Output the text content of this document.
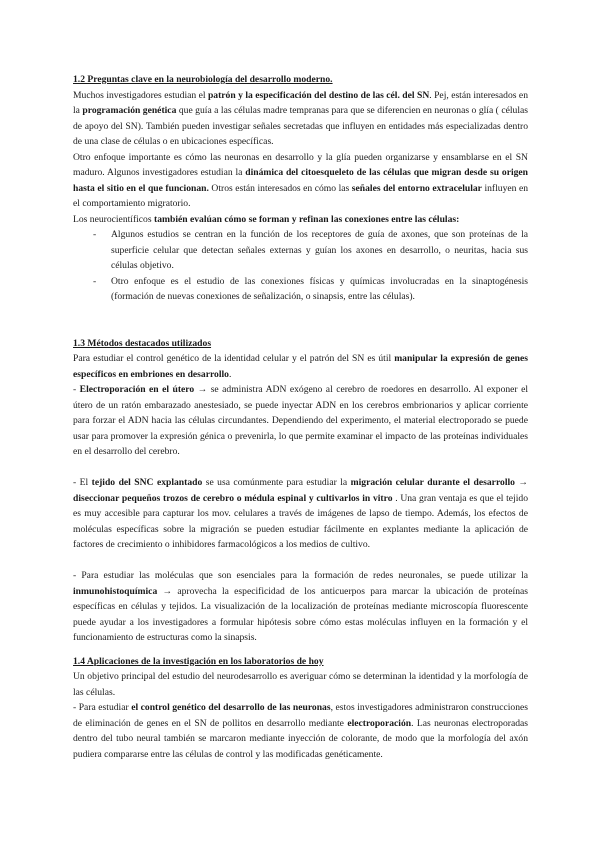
1.2 Preguntas clave en la neurobiología del desarrollo moderno.

Muchos investigadores estudian el patrón y la especificación del destino de las cél. del SN. Pej, están interesados en la programación genética que guía a las células madre tempranas para que se diferencien en neuronas o glía ( células de apoyo del SN). También pueden investigar señales secretadas que influyen en entidades más especializadas dentro de una clase de células o en ubicaciones específicas.

Otro enfoque importante es cómo las neuronas en desarrollo y la glía pueden organizarse y ensamblarse en el SN maduro. Algunos investigadores estudian la dinámica del citoesqueleto de las células que migran desde su origen hasta el sitio en el que funcionan. Otros están interesados en cómo las señales del entorno extracelular influyen en el comportamiento migratorio.

Los neurocientíficos también evalúan cómo se forman y refinan las conexiones entre las células:

- Algunos estudios se centran en la función de los receptores de guía de axones, que son proteínas de la superficie celular que detectan señales externas y guían los axones en desarrollo, o neuritas, hacia sus células objetivo.
- Otro enfoque es el estudio de las conexiones físicas y químicas involucradas en la sinaptogénesis (formación de nuevas conexiones de señalización, o sinapsis, entre las células).

1.3 Métodos destacados utilizados

Para estudiar el control genético de la identidad celular y el patrón del SN es útil manipular la expresión de genes específicos en embriones en desarrollo.

- Electroporación en el útero → se administra ADN exógeno al cerebro de roedores en desarrollo. Al exponer el útero de un ratón embarazado anestesiado, se puede inyectar ADN en los cerebros embrionarios y aplicar corriente para forzar el ADN hacia las células circundantes. Dependiendo del experimento, el material electroporado se puede usar para promover la expresión génica o prevenirla, lo que permite examinar el impacto de las proteínas individuales en el desarrollo del cerebro.

- El tejido del SNC explantado se usa comúnmente para estudiar la migración celular durante el desarrollo → diseccionar pequeños trozos de cerebro o médula espinal y cultivarlos in vitro . Una gran ventaja es que el tejido es muy accesible para capturar los mov. celulares a través de imágenes de lapso de tiempo. Además, los efectos de moléculas específicas sobre la migración se pueden estudiar fácilmente en explantes mediante la aplicación de factores de crecimiento o inhibidores farmacológicos a los medios de cultivo.

- Para estudiar las moléculas que son esenciales para la formación de redes neuronales, se puede utilizar la inmunohistoquímica → aprovecha la especificidad de los anticuerpos para marcar la ubicación de proteínas específicas en células y tejidos. La visualización de la localización de proteínas mediante microscopía fluorescente puede ayudar a los investigadores a formular hipótesis sobre cómo estas moléculas influyen en la formación y el funcionamiento de estructuras como la sinapsis.

1.4 Aplicaciones de la investigación en los laboratorios de hoy

Un objetivo principal del estudio del neurodesarrollo es averiguar cómo se determinan la identidad y la morfología de las células.

- Para estudiar el control genético del desarrollo de las neuronas, estos investigadores administraron construcciones de eliminación de genes en el SN de pollitos en desarrollo mediante electroporación. Las neuronas electroporadas dentro del tubo neural también se marcaron mediante inyección de colorante, de modo que la morfología del axón pudiera compararse entre las células de control y las modificadas genéticamente.
